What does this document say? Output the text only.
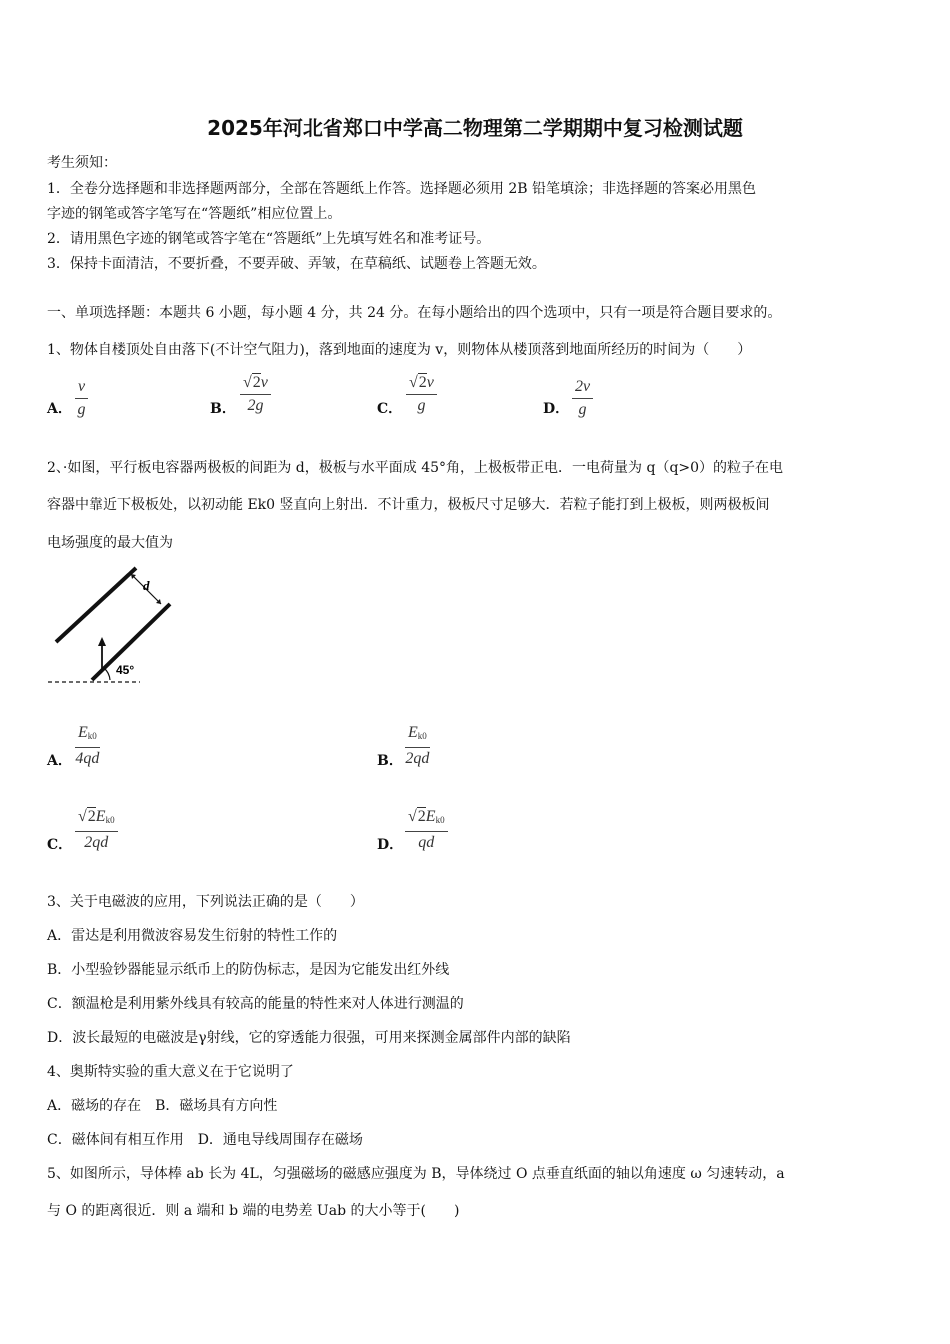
2025年河北省郑口中学高二物理第二学期期中复习检测试题
考生须知：
1．全卷分选择题和非选择题两部分，全部在答题纸上作答。选择题必须用 2B 铅笔填涂；非选择题的答案必用黑色
字迹的钢笔或答字笔写在“答题纸”相应位置上。
2．请用黑色字迹的钢笔或答字笔在“答题纸”上先填写姓名和准考证号。
3．保持卡面清洁，不要折叠，不要弄破、弄皱，在草稿纸、试题卷上答题无效。
一、单项选择题：本题共 6 小题，每小题 4 分，共 24 分。在每小题给出的四个选项中，只有一项是符合题目要求的。
1、物体自楼顶处自由落下(不计空气阻力)，落到地面的速度为 v，则物体从楼顶落到地面所经历的时间为（　　）
A． $\frac{v}{g}$	B． $\frac{√2v}{2g}$	C． $\frac{√2v}{g}$	D． $\frac{2v}{g}$
2、·如图，平行板电容器两极板的间距为 d，极板与水平面成 45°角，上极板带正电．一电荷量为 q（q>0）的粒子在电
容器中靠近下极板处，以初动能 Ek0 竖直向上射出．不计重力，极板尺寸足够大．若粒子能打到上极板，则两极板间
电场强度的最大值为
d
45°
A． $\frac{E_{k0}}{4qd}$	B． $\frac{E_{k0}}{2qd}$
C． $\frac{√2E_{k0}}{2qd}$	D． $\frac{√2E_{k0}}{qd}$
3、关于电磁波的应用，下列说法正确的是（　　）
A．雷达是利用微波容易发生衍射的特性工作的
B．小型验钞器能显示纸币上的防伪标志，是因为它能发出红外线
C．额温枪是利用紫外线具有较高的能量的特性来对人体进行测温的
D．波长最短的电磁波是γ射线，它的穿透能力很强，可用来探测金属部件内部的缺陷
4、奥斯特实验的重大意义在于它说明了
A．磁场的存在　B．磁场具有方向性
C．磁体间有相互作用　D．通电导线周围存在磁场
5、如图所示，导体棒 ab 长为 4L，匀强磁场的磁感应强度为 B，导体绕过 O 点垂直纸面的轴以角速度 ω 匀速转动，a
与 O 的距离很近．则 a 端和 b 端的电势差 Uab 的大小等于(　　)
